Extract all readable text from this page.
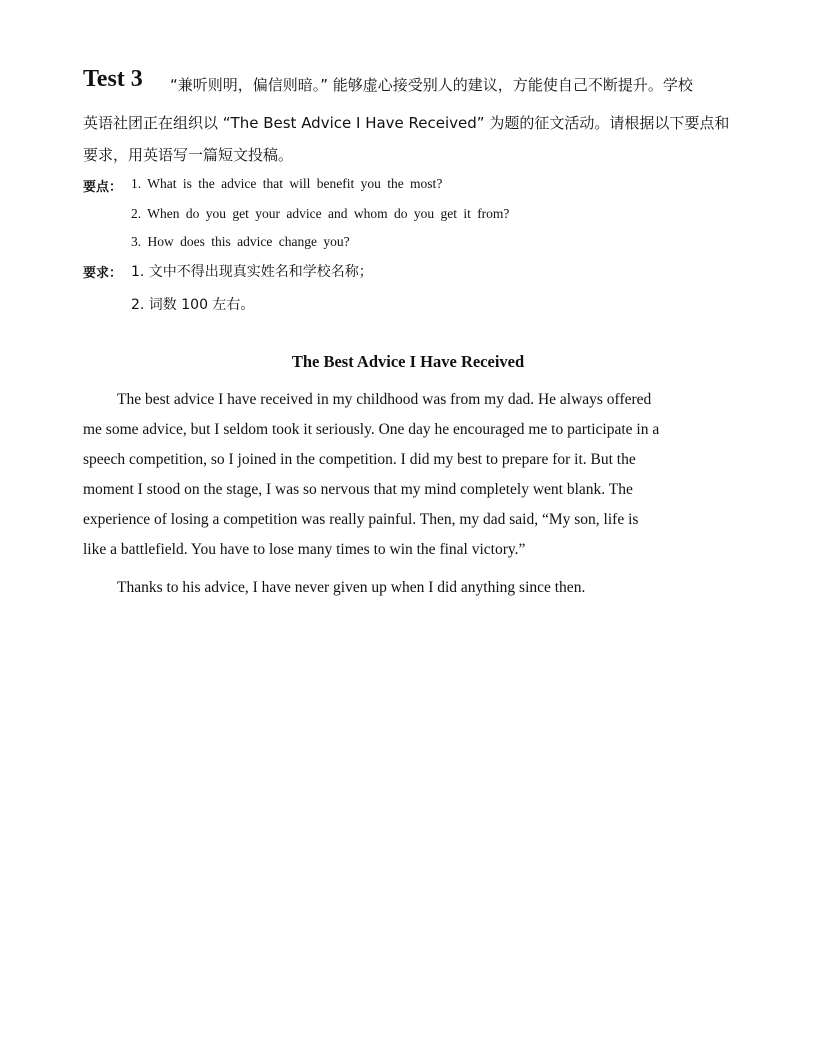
Test 3 “兼听则明，偏信则暗。” 能够虚心接受别人的建议，方能使自己不断提升。学校
英语社团正在组织以 “The Best Advice I Have Received” 为题的征文活动。请根据以下要点和
要求，用英语写一篇短文投稿。
要点： 1. What is the advice that will benefit you the most?
2. When do you get your advice and whom do you get it from?
3. How does this advice change you?
要求： 1. 文中不得出现真实姓名和学校名称；
2. 词数 100 左右。
The Best Advice I Have Received
The best advice I have received in my childhood was from my dad. He always offered
me some advice, but I seldom took it seriously. One day he encouraged me to participate in a
speech competition, so I joined in the competition. I did my best to prepare for it. But the
moment I stood on the stage, I was so nervous that my mind completely went blank. The
experience of losing a competition was really painful. Then, my dad said, “My son, life is
like a battlefield. You have to lose many times to win the final victory.”
Thanks to his advice, I have never given up when I did anything since then.
